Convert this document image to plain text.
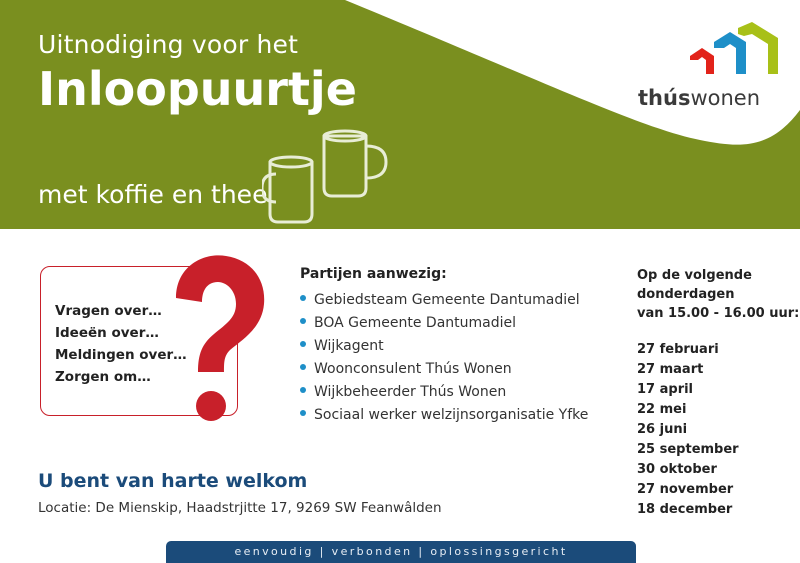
Uitnodiging voor het
Inloopuurtje
met koffie en thee
thúswonen
Vragen over…
Ideeën over…
Meldingen over…
Zorgen om…
Partijen aanwezig:
Gebiedsteam Gemeente Dantumadiel
BOA Gemeente Dantumadiel
Wijkagent
Woonconsulent Thús Wonen
Wijkbeheerder Thús Wonen
Sociaal werker welzijnsorganisatie Yfke
Op de volgende
donderdagen
van 15.00 - 16.00 uur:
27 februari
27 maart
17 april
22 mei
26 juni
25 september
30 oktober
27 november
18 december
U bent van harte welkom
Locatie: De Mienskip, Haadstrjitte 17, 9269 SW Feanwâlden
eenvoudig | verbonden | oplossingsgericht
